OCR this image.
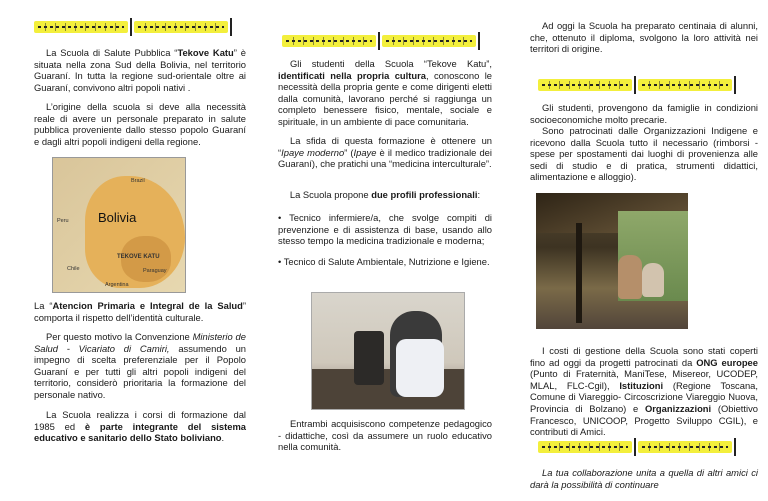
La Scuola di Salute Pubblica “Tekove Katu” è situata nella zona Sud della Bolivia, nel territorio Guaraní. In tutta la regione sud-orientale oltre ai Guaraní, convivono altri popoli nativi .

L’origine della scuola si deve alla necessità reale di avere un personale preparato in salute pubblica proveniente dallo stesso popolo Guaraní e dagli altri popoli indigeni della regione.

Bolivia
Brazil
Peru
TEKOVE KATU
Paraguay
Chile
Argentina

La “Atencion Primaria e Integral de la Salud” comporta il rispetto dell’identità culturale.

Per questo motivo la Convenzione Ministerio de Salud - Vicariato di Camiri, assumendo un impegno di scelta preferenziale per il Popolo Guaraní e per tutti gli altri popoli indigeni del territorio, considerò prioritaria la formazione del personale nativo.

La Scuola realizza i corsi di formazione dal 1985 ed è parte integrante del sistema educativo e sanitario dello Stato boliviano.

Gli studenti della Scuola “Tekove Katu”, identificati nella propria cultura, conoscono le necessità della propria gente e come dirigenti eletti dalla comunità, lavorano perché si raggiunga un completo benessere fisico, mentale, sociale e spirituale, in un ambiente di pace comunitaria.

La sfida di questa formazione è ottenere un “Ipaye moderno” (Ipaye è il medico tradizionale dei Guaraní), che pratichi una “medicina interculturale”.

La Scuola propone due profili professionali:

• Tecnico infermiere/a, che svolge compiti di prevenzione e di assistenza di base, usando allo stesso tempo la medicina tradizionale e moderna;

• Tecnico di Salute Ambientale, Nutrizione e Igiene.

Entrambi acquisiscono competenze pedagogico - didattiche, così da assumere un ruolo educativo nella comunità.

Ad oggi la Scuola ha preparato centinaia di alunni, che, ottenuto il diploma, svolgono la loro attività nei territori di origine.

Gli studenti, provengono da famiglie in condizioni socioeconomiche molto precarie.

Sono patrocinati dalle Organizzazioni Indigene e ricevono dalla Scuola tutto il necessario (rimborsi - spese per spostamenti dai luoghi di provenienza alle sedi di studio e di pratica, strumenti didattici, alimentazione e alloggio).

I costi di gestione della Scuola sono stati coperti fino ad oggi da progetti patrocinati da ONG europee (Punto di Fraternità, ManiTese, Misereor, UCODEP, MLAL, FLC-Cgil), Istituzioni (Regione Toscana, Comune di Viareggio- Circoscrizione Viareggio Nuova, Provincia di Bolzano) e Organizzazioni (Obiettivo Francesco, UNICOOP, Progetto Sviluppo CGIL), e contributi di Amici.

La tua collaborazione unita a quella di altri amici ci darà la possibilità di continuare
